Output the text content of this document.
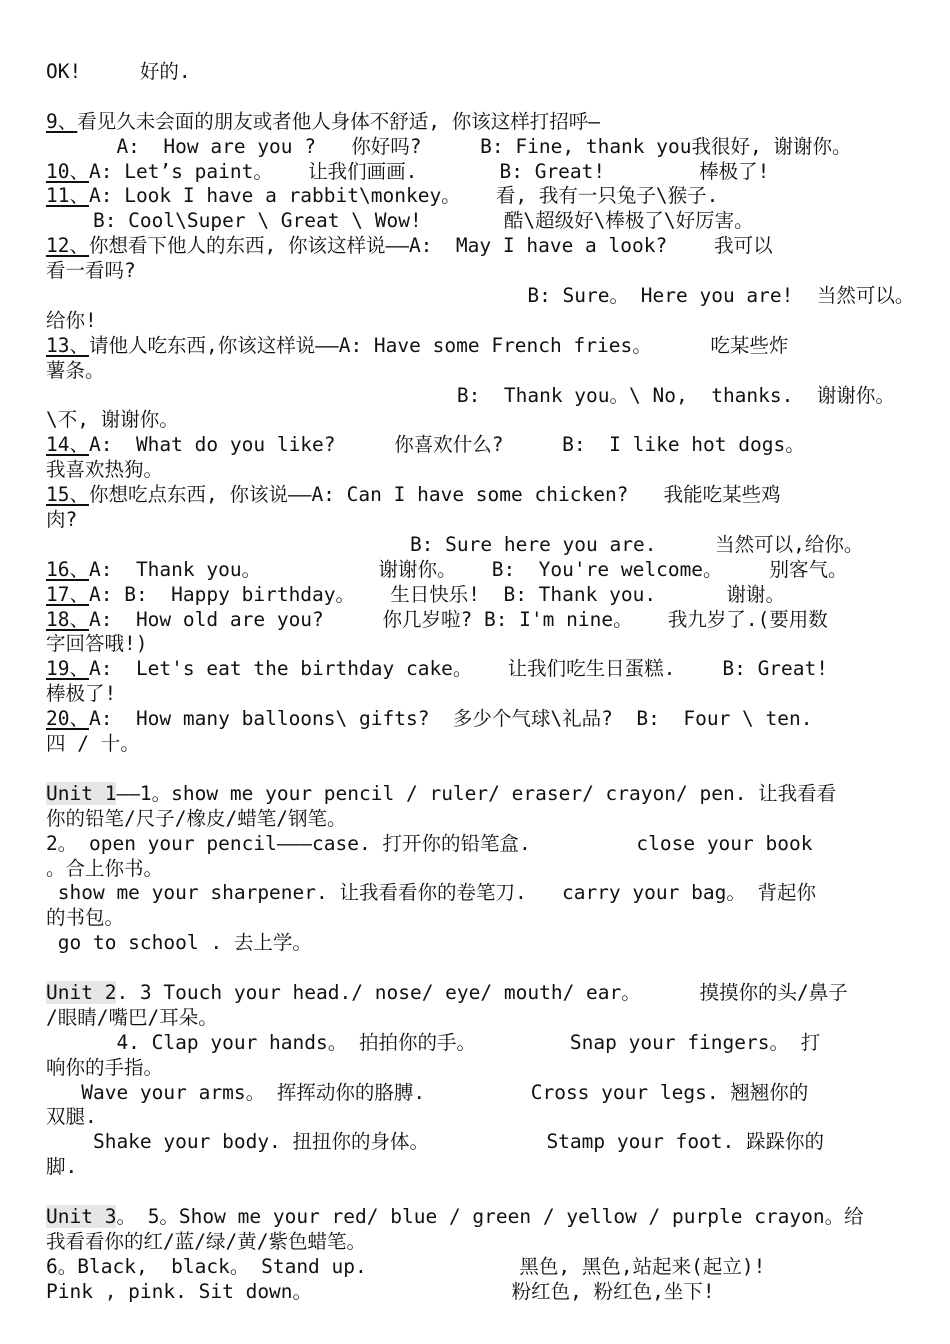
OK!     好的.
9、看见久未会面的朋友或者他人身体不舒适, 你该这样打招呼—
A:  How are you ?   你好吗?     B: Fine, thank you我很好, 谢谢你。
10、A: Let’s paint。   让我们画画.       B: Great!        棒极了!
11、A: Look I have a rabbit\monkey。   看, 我有一只兔子\猴子.
B: Cool\Super \ Great \ Wow!       酷\超级好\棒极了\好厉害。
12、你想看下他人的东西, 你该这样说——A:  May I have a look?    我可以
看一看吗?
B: Sure。 Here you are!  当然可以。
给你!
13、请他人吃东西,你该这样说——A: Have some French fries。     吃某些炸
薯条。
B:  Thank you。\ No,  thanks.  谢谢你。
\不, 谢谢你。
14、A:  What do you like?     你喜欢什么?     B:  I like hot dogs。
我喜欢热狗。
15、你想吃点东西, 你该说——A: Can I have some chicken?   我能吃某些鸡
肉?
B: Sure here you are.     当然可以,给你。
16、A:  Thank you。          谢谢你。   B:  You're welcome。    别客气。
17、A: B:  Happy birthday。   生日快乐!  B: Thank you.      谢谢。
18、A:  How old are you?     你几岁啦? B: I'm nine。   我九岁了.(要用数
字回答哦!)
19、A:  Let's eat the birthday cake。   让我们吃生日蛋糕.    B: Great!
棒极了!
20、A:  How many balloons\ gifts?  多少个气球\礼品?  B:  Four \ ten.
四 / 十。
Unit 1——1。show me your pencil / ruler/ eraser/ crayon/ pen. 让我看看
你的铅笔/尺子/橡皮/蜡笔/钢笔。
2。 open your pencil———case. 打开你的铅笔盒.         close your book
。合上你书。
show me your sharpener. 让我看看你的卷笔刀.   carry your bag。 背起你
的书包。
go to school . 去上学。
Unit 2. 3 Touch your head./ nose/ eye/ mouth/ ear。     摸摸你的头/鼻子
/眼睛/嘴巴/耳朵。
4. Clap your hands。 拍拍你的手。        Snap your fingers。 打
响你的手指。
Wave your arms。 挥挥动你的胳膊.         Cross your legs. 翘翘你的
双腿.
Shake your body. 扭扭你的身体。          Stamp your foot. 跺跺你的
脚.
Unit 3。 5。Show me your red/ blue / green / yellow / purple crayon。给
我看看你的红/蓝/绿/黄/紫色蜡笔。
6。Black,  black。 Stand up.             黑色, 黑色,站起来(起立)!
Pink , pink. Sit down。                 粉红色, 粉红色,坐下!
